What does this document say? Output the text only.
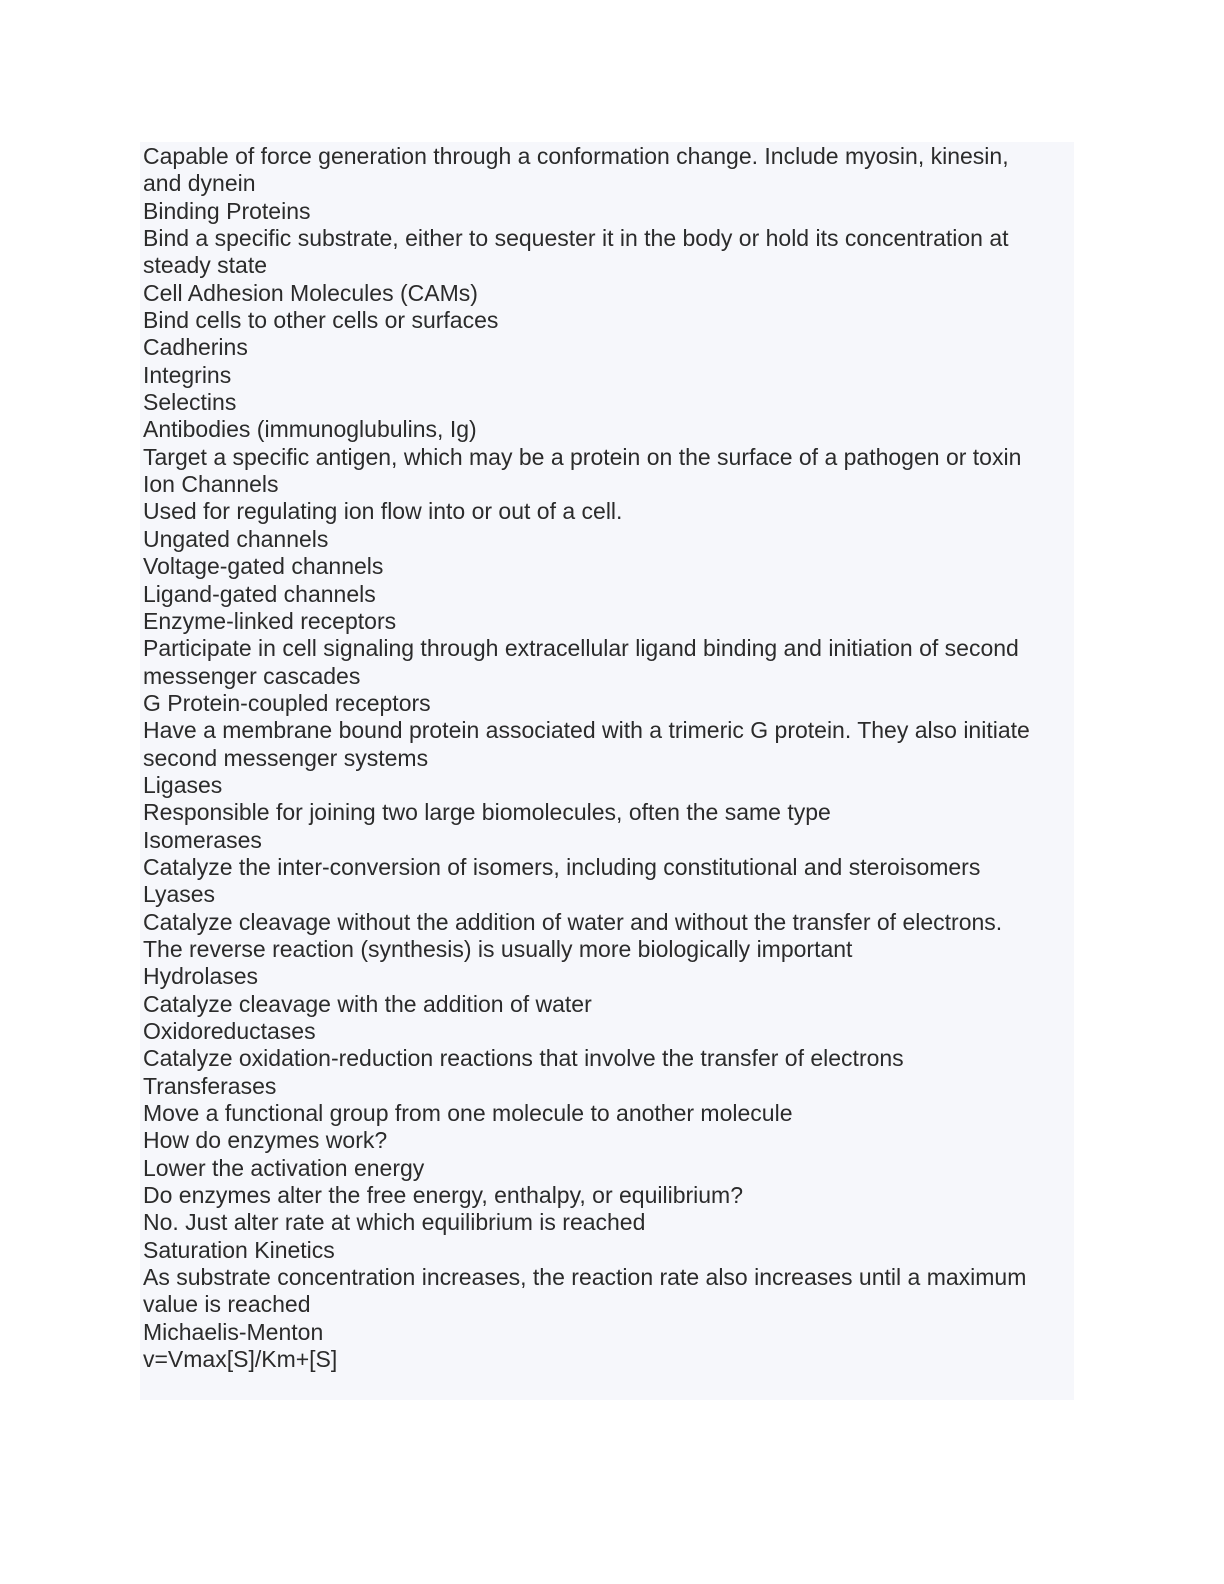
Capable of force generation through a conformation change. Include myosin, kinesin,

and dynein

Binding Proteins

Bind a specific substrate, either to sequester it in the body or hold its concentration at

steady state

Cell Adhesion Molecules (CAMs)

Bind cells to other cells or surfaces

Cadherins

Integrins

Selectins

Antibodies (immunoglubulins, Ig)

Target a specific antigen, which may be a protein on the surface of a pathogen or toxin

Ion Channels

Used for regulating ion flow into or out of a cell.

Ungated channels

Voltage-gated channels

Ligand-gated channels

Enzyme-linked receptors

Participate in cell signaling through extracellular ligand binding and initiation of second

messenger cascades

G Protein-coupled receptors

Have a membrane bound protein associated with a trimeric G protein. They also initiate

second messenger systems

Ligases

Responsible for joining two large biomolecules, often the same type

Isomerases

Catalyze the inter-conversion of isomers, including constitutional and steroisomers

Lyases

Catalyze cleavage without the addition of water and without the transfer of electrons.

The reverse reaction (synthesis) is usually more biologically important

Hydrolases

Catalyze cleavage with the addition of water

Oxidoreductases

Catalyze oxidation-reduction reactions that involve the transfer of electrons

Transferases

Move a functional group from one molecule to another molecule

How do enzymes work?

Lower the activation energy

Do enzymes alter the free energy, enthalpy, or equilibrium?

No. Just alter rate at which equilibrium is reached

Saturation Kinetics

As substrate concentration increases, the reaction rate also increases until a maximum

value is reached

Michaelis-Menton

v=Vmax[S]/Km+[S]
